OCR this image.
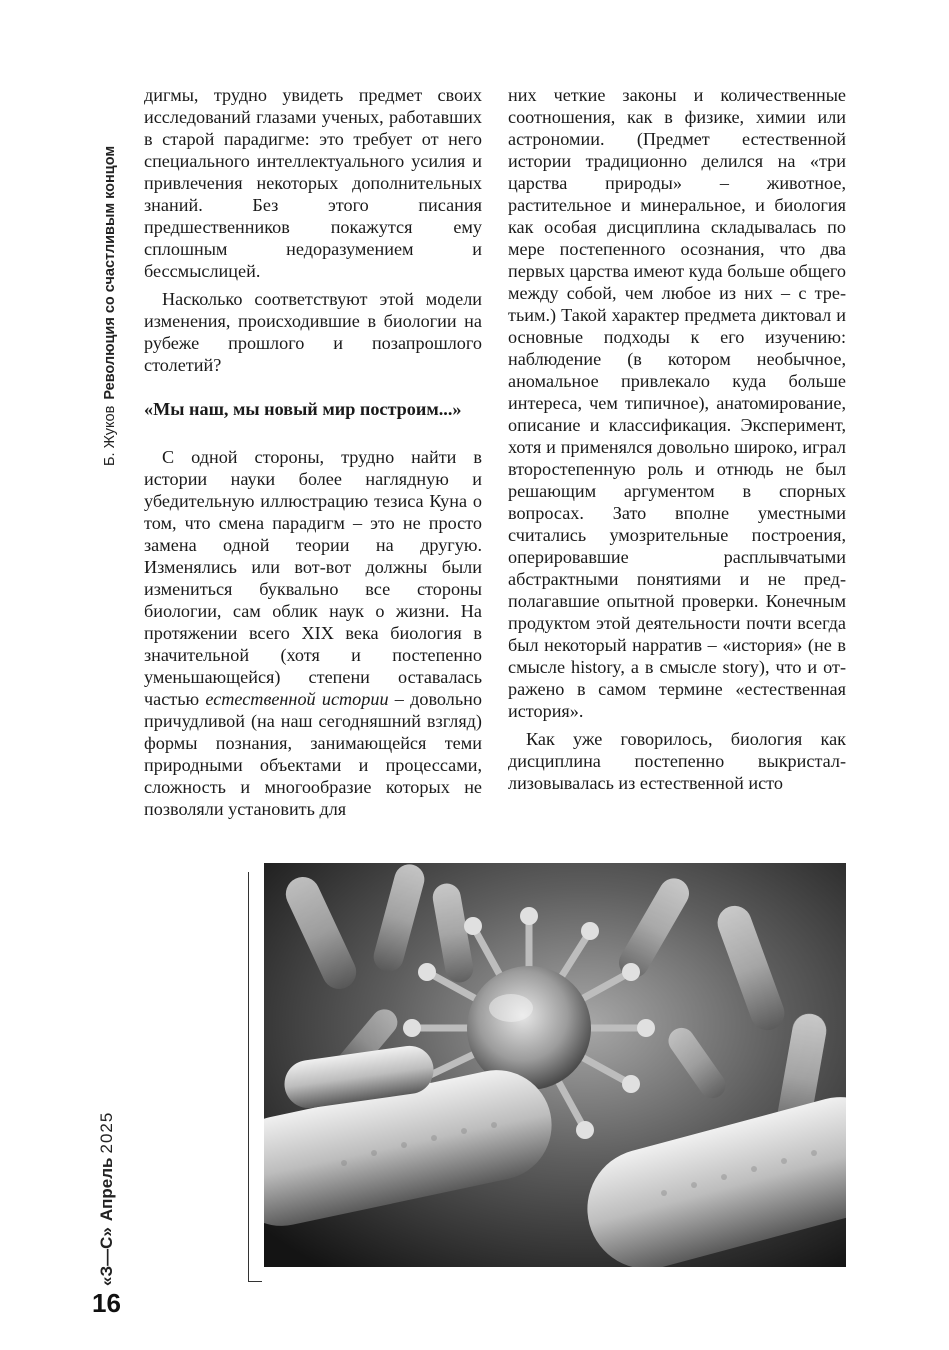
Б. ЖуковРеволюция со счастливым концом
«З—С»Апрель2025
16

дигмы, трудно увидеть предмет своих исследований глазами ученых, работавших в старой парадигме: это требует от него специального интеллектуального усилия и привлечения некоторых дополнительных знаний. Без этого писания предшественников покажутся ему сплошным недоразумением и бессмыслицей.

Насколько соответствуют этой модели изменения, происходившие в биологии на рубеже прошлого и позапрошлого столетий?

«Мы наш, мы новый мир построим...»

С одной стороны, трудно найти в истории науки более наглядную и убедительную иллюстрацию тезиса Куна о том, что смена парадигм – это не просто замена одной теории на другую. Изменялись или вот-вот должны были измениться буквально все стороны биологии, сам облик наук о жизни. На протяжении всего XIX века биология в значительной (хотя и постепенно уменьшающейся) степени оставалась частью естественной истории – довольно причудливой (на наш сегодняшний взгляд) формы познания, занимающейся теми природными объектами и процессами, сложность и многообразие которых не позволяли установить для

них четкие законы и количественные соотношения, как в физике, химии или астрономии. (Предмет естественной истории традиционно делился на «три царства природы» – животное, растительное и минеральное, и биология как особая дисциплина складывалась по мере постепенного осознания, что два первых царства имеют куда больше общего между собой, чем любое из них – с третьим.) Такой характер предмета диктовал и основные подходы к его изучению: наблюдение (в котором необычное, аномальное привлекало куда больше интереса, чем типичное), анатомирование, описание и классификация. Эксперимент, хотя и применялся довольно широко, играл второстепенную роль и отнюдь не был решающим аргументом в спорных вопросах. Зато вполне уместными считались умозрительные построения, оперировавшие расплывчатыми абстрактными понятиями и не предполагавшие опытной проверки. Конечным продуктом этой деятельности почти всегда был некоторый нарратив – «история» (не в смысле history, а в смысле story), что и отражено в самом термине «естественная история».

Как уже говорилось, биология как дисциплина постепенно выкристаллизовывалась из естественной исто
